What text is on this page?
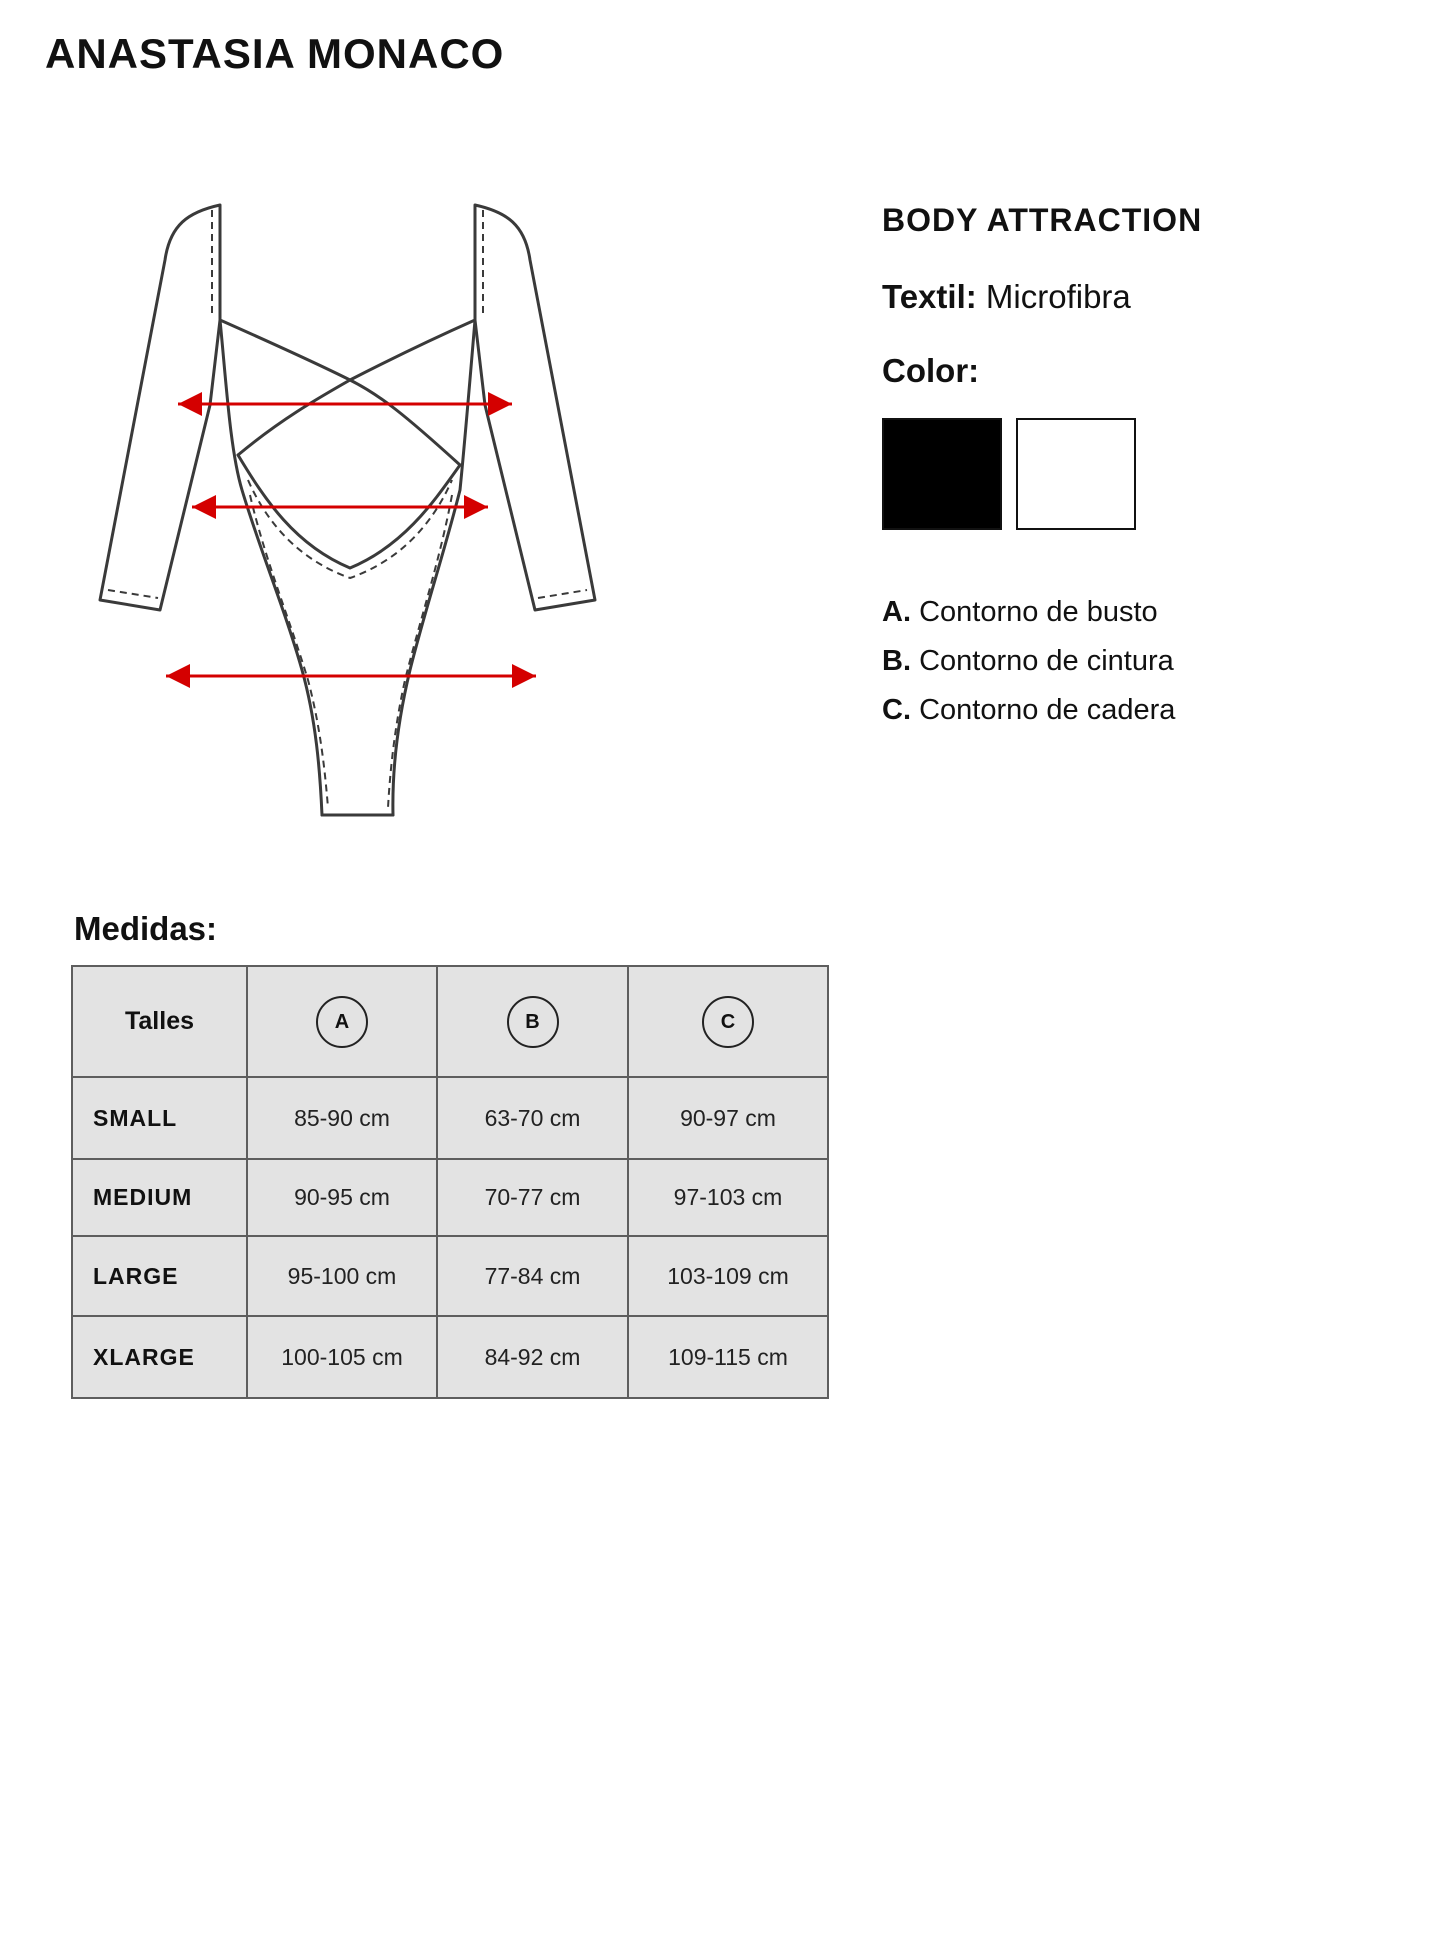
ANASTASIA MONACO
BODY ATTRACTION
Textil: Microfibra
Color:
A. Contorno de busto
B. Contorno de cintura
C. Contorno de cadera
Medidas:
Talles	A	B	C
SMALL	85-90 cm	63-70 cm	90-97 cm
MEDIUM	90-95 cm	70-77 cm	97-103 cm
LARGE	95-100 cm	77-84 cm	103-109 cm
XLARGE	100-105 cm	84-92 cm	109-115 cm
